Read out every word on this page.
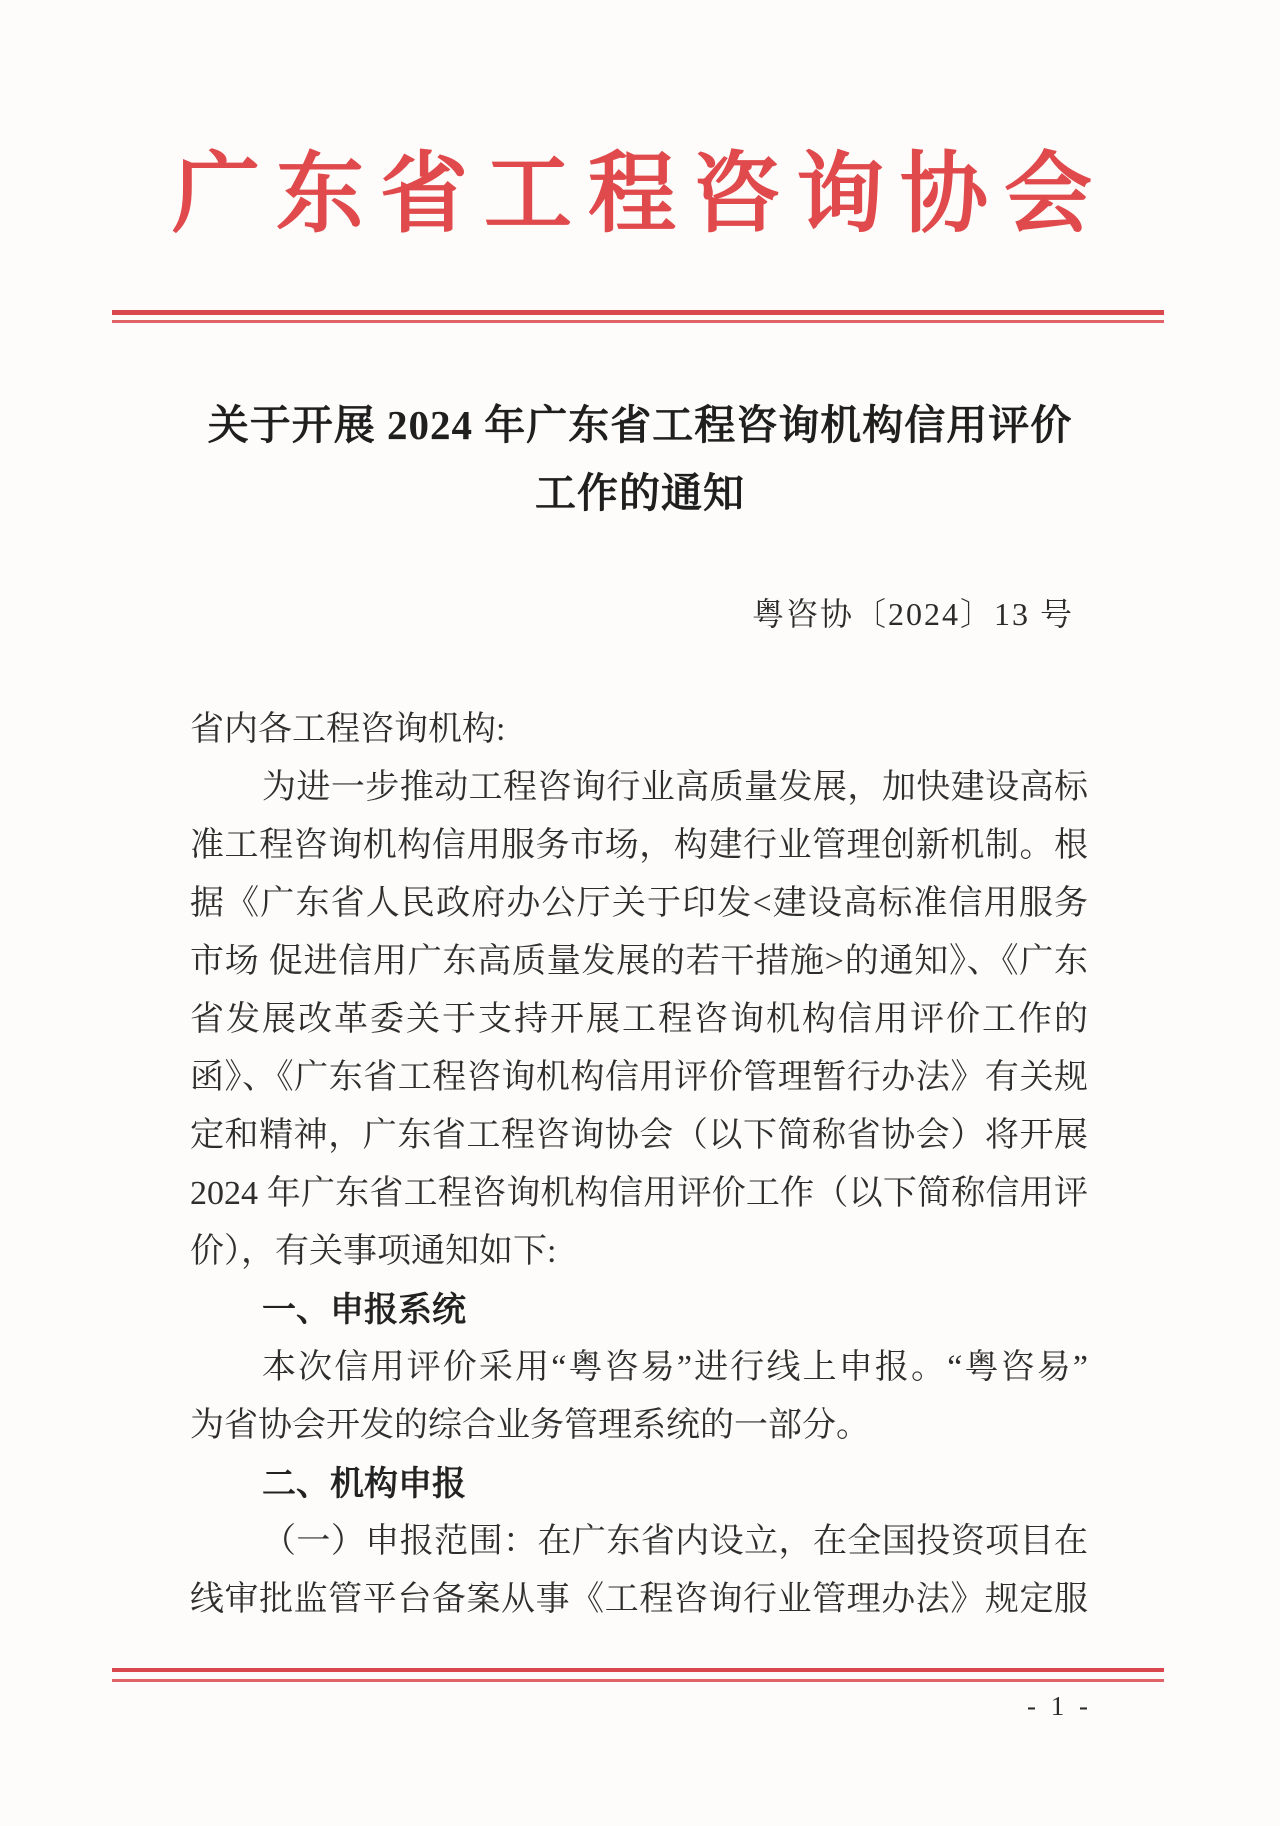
广东省工程咨询协会
关于开展 2024 年广东省工程咨询机构信用评价
工作的通知
粤咨协〔2024〕13 号
省内各工程咨询机构:
为进一步推动工程咨询行业高质量发展，加快建设高标
准工程咨询机构信用服务市场，构建行业管理创新机制。根
据《广东省人民政府办公厅关于印发<建设高标准信用服务
市场 促进信用广东高质量发展的若干措施>的通知》、《广东
省发展改革委关于支持开展工程咨询机构信用评价工作的
函》、《广东省工程咨询机构信用评价管理暂行办法》有关规
定和精神，广东省工程咨询协会（以下简称省协会）将开展
2024 年广东省工程咨询机构信用评价工作（以下简称信用评
价），有关事项通知如下:
一、申报系统
本次信用评价采用“粤咨易”进行线上申报。“粤咨易”
为省协会开发的综合业务管理系统的一部分。
二、机构申报
（一）申报范围：在广东省内设立，在全国投资项目在
线审批监管平台备案从事《工程咨询行业管理办法》规定服
- 1 -
